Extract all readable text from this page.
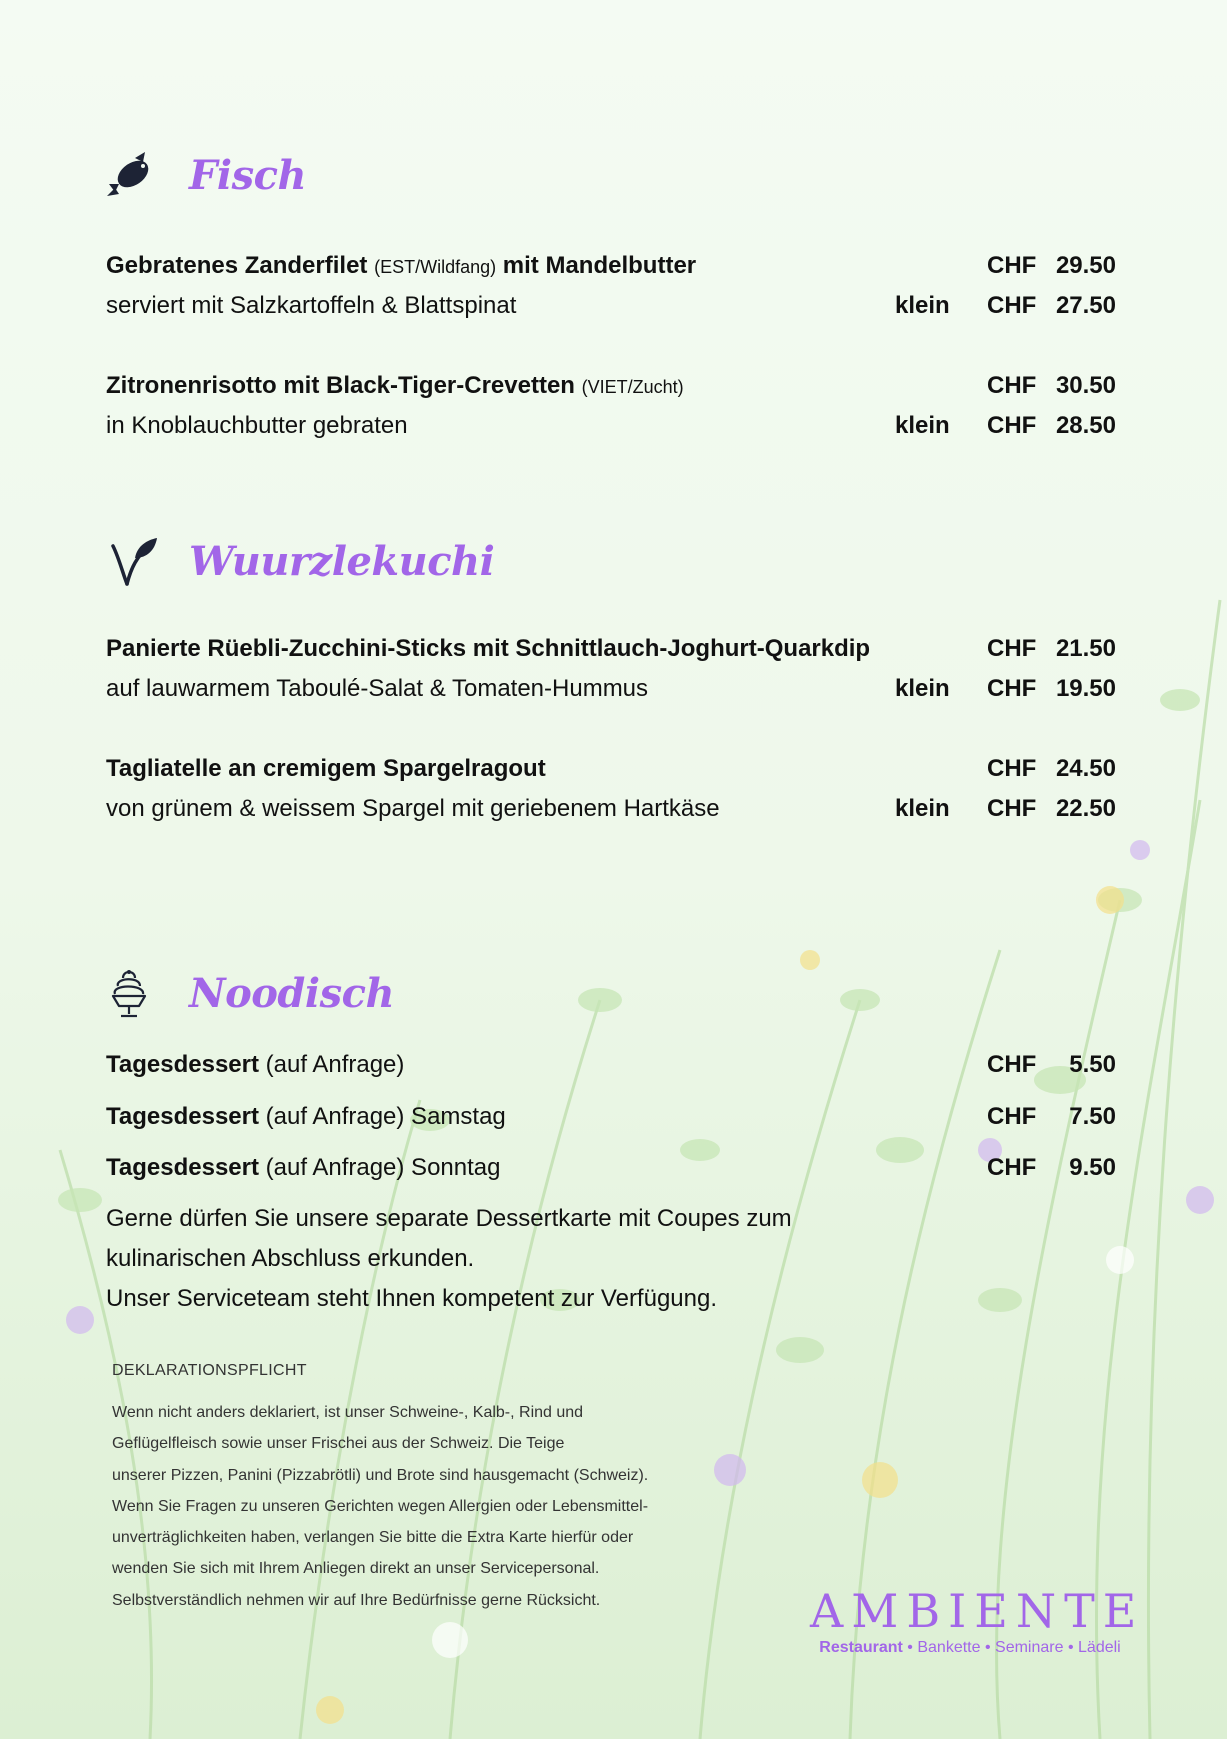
Fisch
Gebratenes Zanderfilet (EST/Wildfang) mit Mandelbutter	CHF 29.50
serviert mit Salzkartoffeln & Blattspinat	klein CHF 27.50
Zitronenrisotto mit Black-Tiger-Crevetten (VIET/Zucht)	CHF 30.50
in Knoblauchbutter gebraten	klein CHF 28.50
Wuurzlekuchi
Panierte Rüebli-Zucchini-Sticks mit Schnittlauch-Joghurt-Quarkdip	CHF 21.50
auf lauwarmem Taboulé-Salat & Tomaten-Hummus	klein CHF 19.50
Tagliatelle an cremigem Spargelragout	CHF 24.50
von grünem & weissem Spargel mit geriebenem Hartkäse	klein CHF 22.50
Noodisch
Tagesdessert (auf Anfrage)	CHF	5.50
Tagesdessert (auf Anfrage) Samstag	CHF	7.50
Tagesdessert (auf Anfrage) Sonntag	CHF	9.50
Gerne dürfen Sie unsere separate Dessertkarte mit Coupes zum
kulinarischen Abschluss erkunden.
Unser Serviceteam steht Ihnen kompetent zur Verfügung.
DEKLARATIONSPFLICHT
Wenn nicht anders deklariert, ist unser Schweine-, Kalb-, Rind und
Geflügelfleisch sowie unser Frischei aus der Schweiz. Die Teige
unserer Pizzen, Panini (Pizzabrötli) und Brote sind hausgemacht (Schweiz).
Wenn Sie Fragen zu unseren Gerichten wegen Allergien oder Lebensmittel-
unverträglichkeiten haben, verlangen Sie bitte die Extra Karte hierfür oder
wenden Sie sich mit Ihrem Anliegen direkt an unser Servicepersonal.
Selbstverständlich nehmen wir auf Ihre Bedürfnisse gerne Rücksicht.	AMBIENTE
Restaurant • Bankette • Seminare • Lädeli
